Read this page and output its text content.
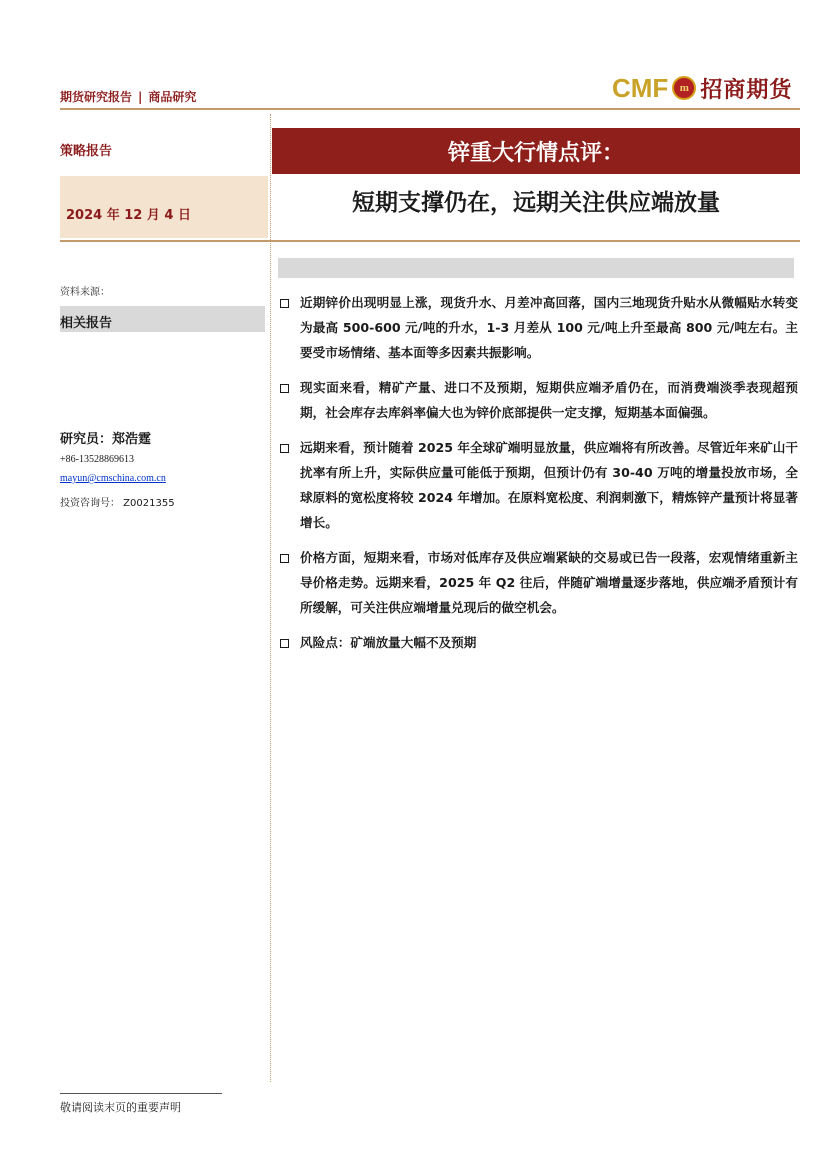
期货研究报告 | 商品研究	CMF	m 招商期货
策略报告
2024 年 12 月 4 日
锌重大行情点评：
短期支撑仍在，远期关注供应端放量
资料来源：
相关报告
研究员：郑浩霆
+86-13528869613
mayun@cmschina.com.cn
投资咨询号： Z0021355
近期锌价出现明显上涨，现货升水、月差冲高回落，国内三地现货升贴水从微幅贴水转变为最高 500-600 元/吨的升水，1-3 月差从 100 元/吨上升至最高 800 元/吨左右。主要受市场情绪、基本面等多因素共振影响。
现实面来看，精矿产量、进口不及预期，短期供应端矛盾仍在，而消费端淡季表现超预期，社会库存去库斜率偏大也为锌价底部提供一定支撑，短期基本面偏强。
远期来看，预计随着 2025 年全球矿端明显放量，供应端将有所改善。尽管近年来矿山干扰率有所上升，实际供应量可能低于预期，但预计仍有 30-40 万吨的增量投放市场，全球原料的宽松度将较 2024 年增加。在原料宽松度、利润刺激下，精炼锌产量预计将显著增长。
价格方面，短期来看，市场对低库存及供应端紧缺的交易或已告一段落，宏观情绪重新主导价格走势。远期来看，2025 年 Q2 往后，伴随矿端增量逐步落地，供应端矛盾预计有所缓解，可关注供应端增量兑现后的做空机会。
风险点：矿端放量大幅不及预期
敬请阅读末页的重要声明
